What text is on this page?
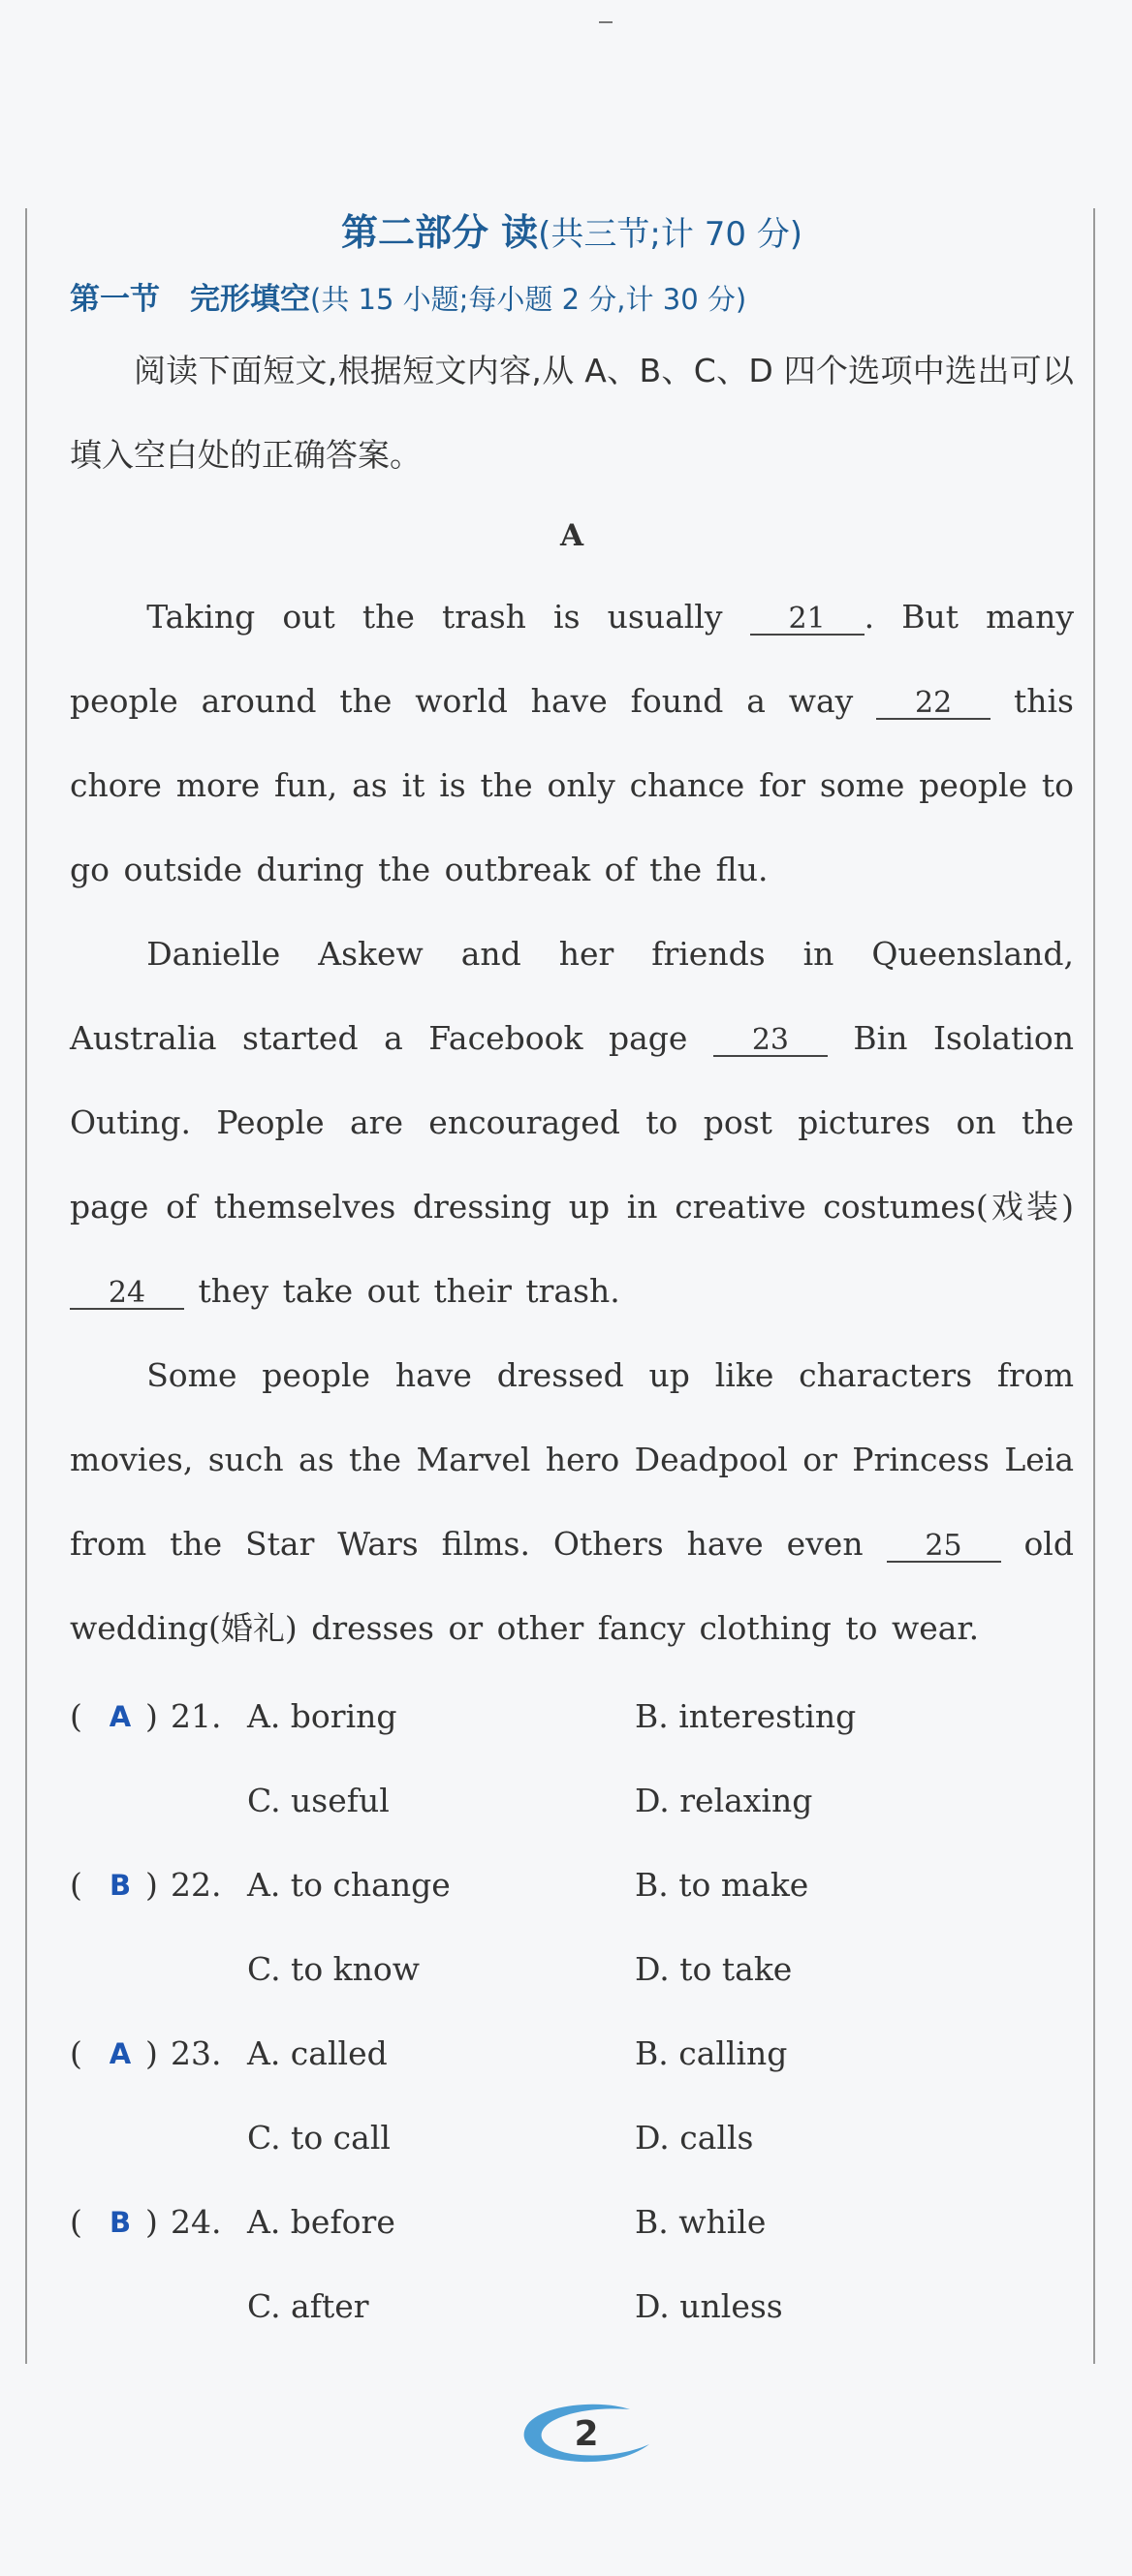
第二部分 读(共三节;计 70 分)
第一节　完形填空(共 15 小题;每小题 2 分,计 30 分)

阅读下面短文,根据短文内容,从 A、B、C、D 四个选项中选出可以填入空白处的正确答案。

A

Taking out the trash is usually 21 . But many people around the world have found a way 22 this chore more fun, as it is the only chance for some people to go outside during the outbreak of the flu.

Danielle Askew and her friends in Queensland, Australia started a Facebook page 23 Bin Isolation Outing. People are encouraged to post pictures on the page of themselves dressing up in creative costumes(戏装) 24 they take out their trash.

Some people have dressed up like characters from movies, such as the Marvel hero Deadpool or Princess Leia from the Star Wars films. Others have even 25 old wedding(婚礼) dresses or other fancy clothing to wear.

( A ) 21. A. boring	B. interesting
C. useful	D. relaxing
( B ) 22. A. to change	B. to make
C. to know	D. to take
( A ) 23. A. called	B. calling
C. to call	D. calls
( B ) 24. A. before	B. while
C. after	D. unless
2
